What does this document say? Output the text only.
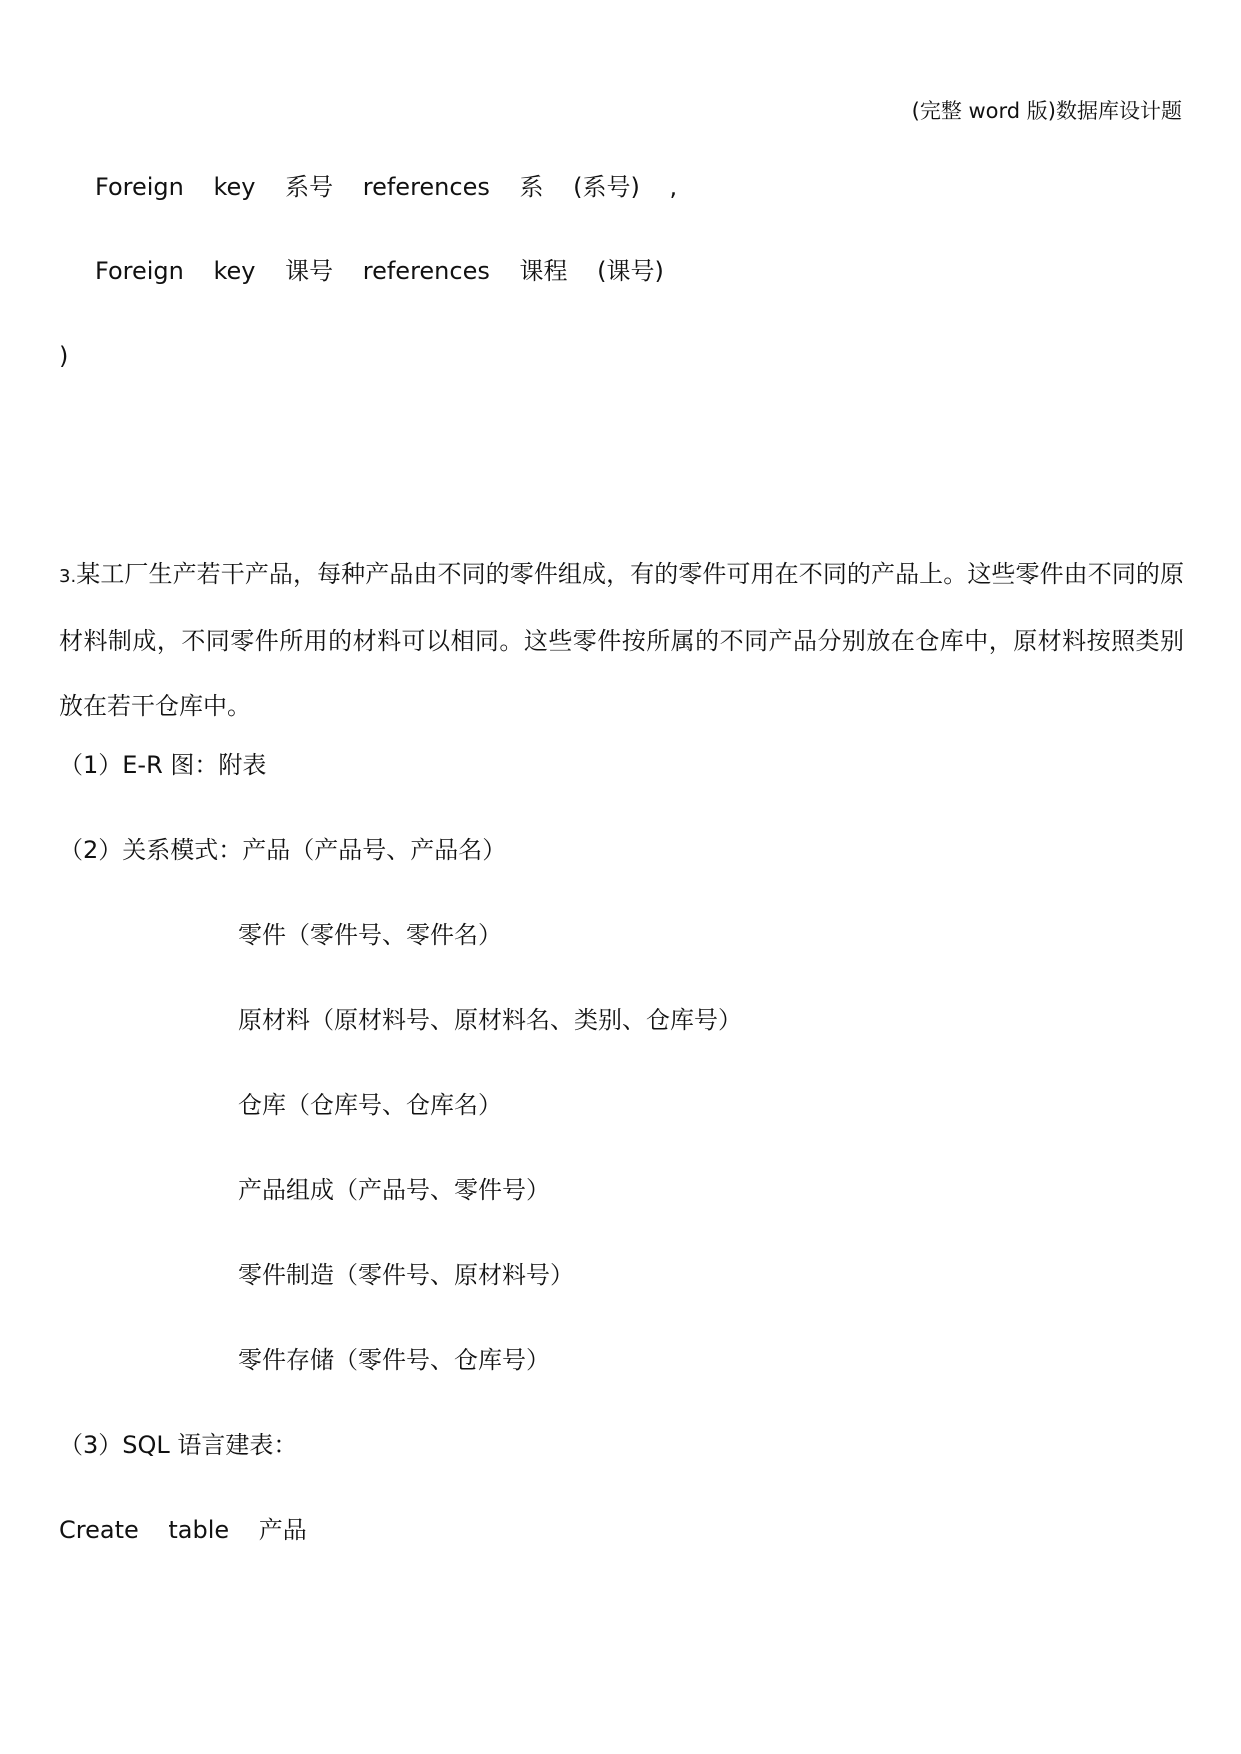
(完整 word 版)数据库设计题
Foreign key 系号 references 系 (系号) ,
Foreign key 课号 references 课程 (课号)
)
3.某工厂生产若干产品，每种产品由不同的零件组成，有的零件可用在不同的产品上。这些零件由不同的原材料制成，不同零件所用的材料可以相同。这些零件按所属的不同产品分别放在仓库中，原材料按照类别放在若干仓库中。
（1）E-R 图：附表
（2）关系模式：产品（产品号、产品名）
零件（零件号、零件名）
原材料（原材料号、原材料名、类别、仓库号）
仓库（仓库号、仓库名）
产品组成（产品号、零件号）
零件制造（零件号、原材料号）
零件存储（零件号、仓库号）
（3）SQL 语言建表：
Create table 产品
